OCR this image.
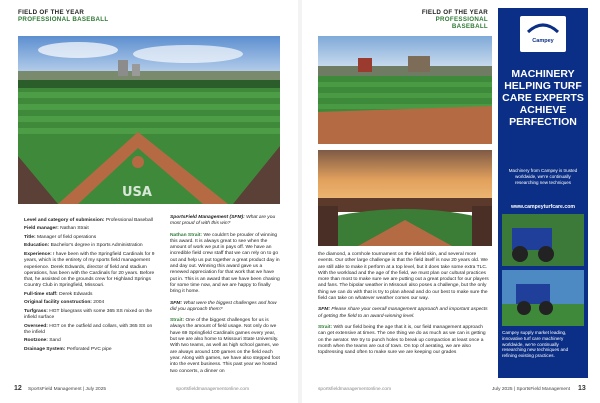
FIELD OF THE YEAR
PROFESSIONAL BASEBALL
USA

Level and category of submission: Professional Baseball

Field manager: Nathan Strait

Title: Manager of field operations

Education: Bachelor's degree in Sports Administration

Experience: I have been with the Springfield Cardinals for 9 years, which is the entirety of my sports field management experience. Derek Edwards, director of field and stadium operations, has been with the Cardinals for 20 years. Before that, he assisted on the grounds crew for Highland Springs Country Club in Springfield, Missouri.

Full-time staff: Derek Edwards

Original facility construction: 2004

Turfgrass: HGT bluegrass with some 365 SS mixed on the infield surface

Overseed: HGT on the outfield and collars, with 365 SS on the infield

Rootzone: Sand

Drainage System: Perforated PVC pipe

SportsField Management (SFM): What are you most proud of with this win?

Nathan Strait: We couldn't be prouder of winning this award. It is always great to see when the amount of work we put in pays off. We have an incredible field crew staff that we can rely on to go out and help us put together a great product day in and day out. Winning this award gave us a renewed appreciation for that work that we have put in. This is an award that we have been chasing for some time now, and we are happy to finally bring it home.

SFM: What were the biggest challenges and how did you approach them?

Strait: One of the biggest challenges for us is always the amount of field usage. Not only do we have 69 Springfield Cardinals games every year, but we are also home to Missouri State University. With two teams, as well as high school games, we are always around 100 games on the field each year. Along with games, we have also stepped foot into the event business. This past year we hosted two concerts, a dinner on

12 SportsField Management | July 2025	sportsfieldmanagementonline.com
FIELD OF THE YEAR
PROFESSIONAL BASEBALL

the diamond, a cornhole tournament on the infield skin, and several more events. Our other large challenge is that the field itself is now 20 years old. We are still able to make it perform at a top level, but it does take some extra TLC. With the workload and the age of the field, we must plan our cultural practices more than most to make sure we are putting out a great product for our players and fans. The bipolar weather in Missouri also poses a challenge, but the only thing we can do with that is try to plan ahead and do our best to make sure the field can take on whatever weather comes our way.

SFM: Please share your overall management approach and important aspects of getting the field to an award-winning level.

Strait: With our field being the age that it is, our field management approach can get extensive at times. The one thing we do as much as we can is getting on the aerator. We try to punch holes to break up compaction at least once a month when the teams are out of town. On top of aerating, we are also topdressing sand often to make sure we are keeping our grades

Campey
MACHINERY HELPING TURF CARE EXPERTS ACHIEVE PERFECTION
Machinery from Campey is trusted worldwide, we're continually researching new techniques
www.campeyturfcare.com
Campey supply market leading, innovative turf care machinery worldwide, we're continually researching new techniques and refining existing practices.
sportsfieldmanagementonline.com	July 2025 | SportsField Management 13
